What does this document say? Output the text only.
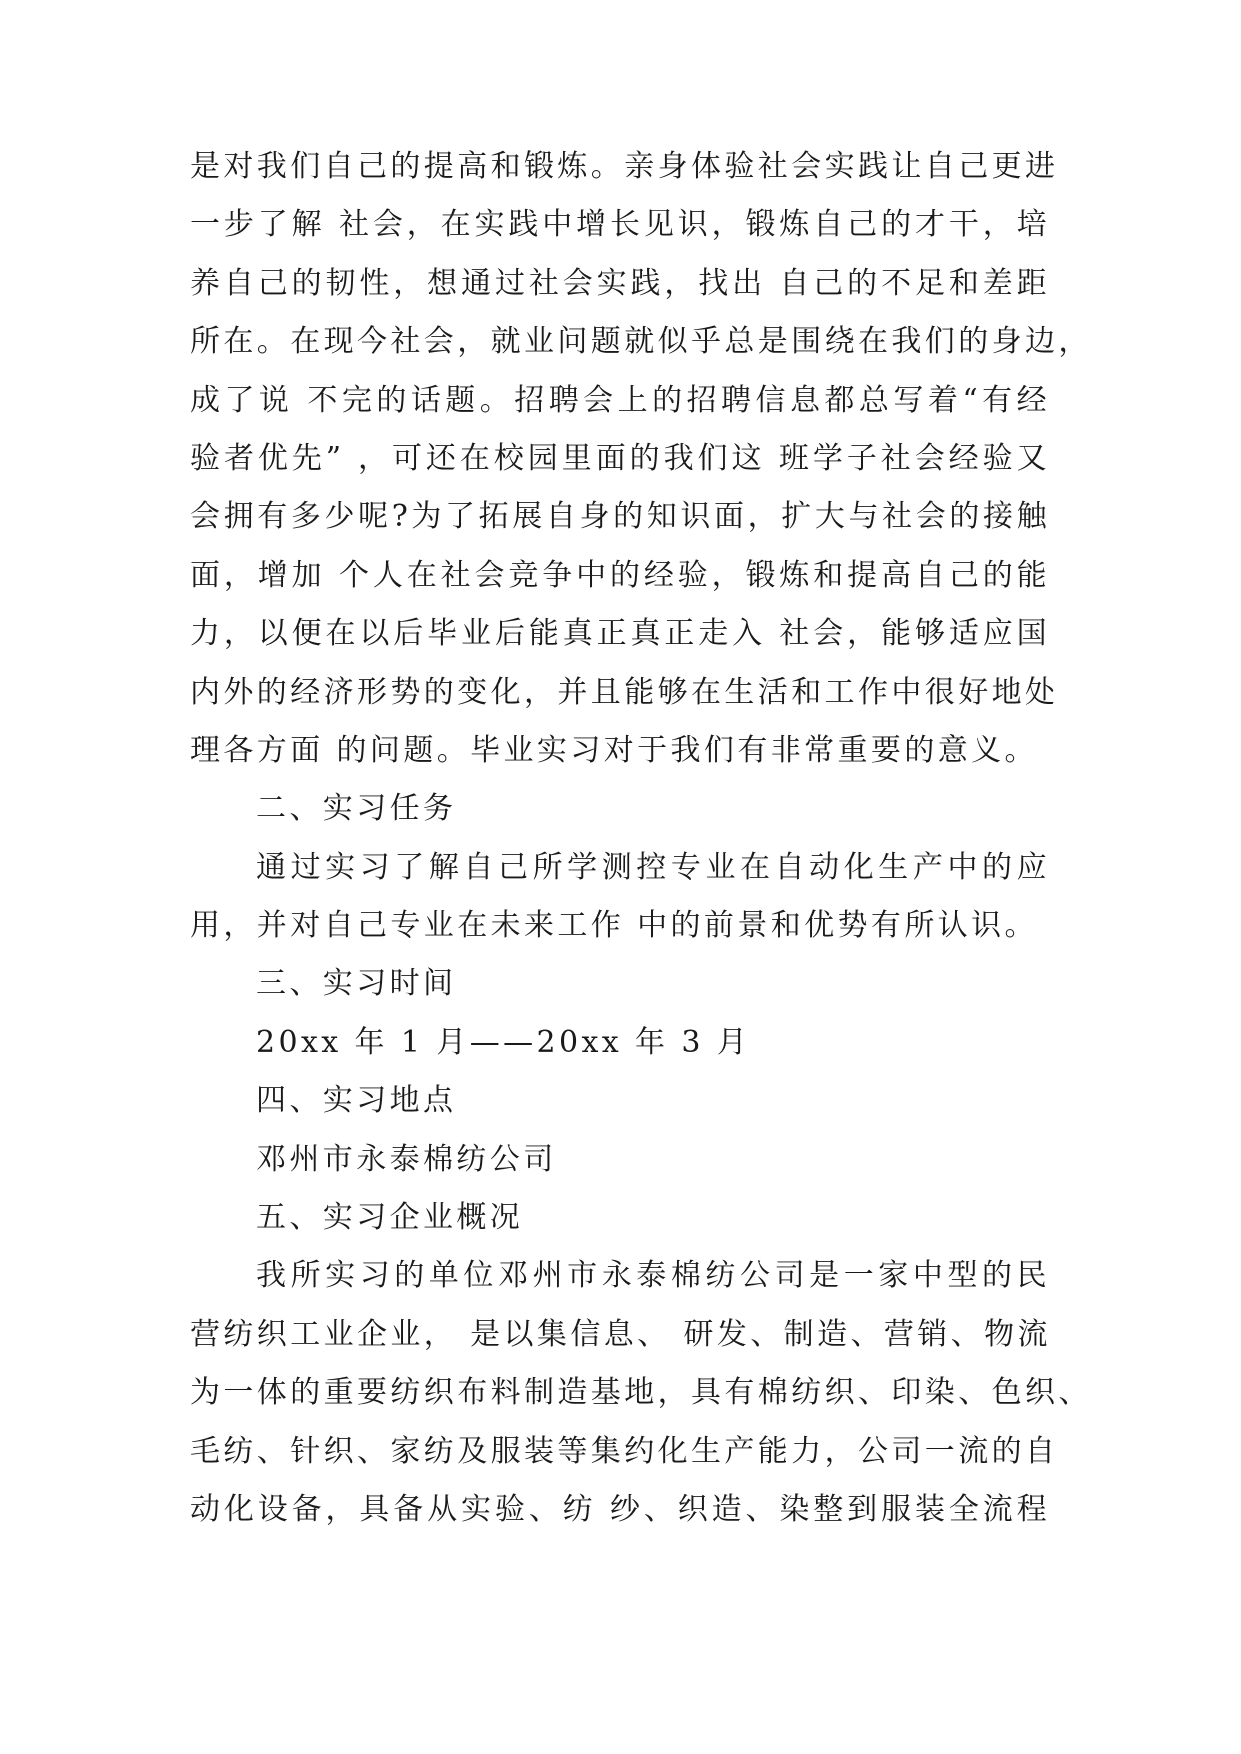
是对我们自己的提高和锻炼。亲身体验社会实践让自己更进
一步了解 社会，在实践中增长见识，锻炼自己的才干，培
养自己的韧性，想通过社会实践，找出 自己的不足和差距
所在。在现今社会，就业问题就似乎总是围绕在我们的身边，
成了说 不完的话题。招聘会上的招聘信息都总写着“有经
验者优先” ，可还在校园里面的我们这 班学子社会经验又
会拥有多少呢?为了拓展自身的知识面，扩大与社会的接触
面，增加 个人在社会竞争中的经验，锻炼和提高自己的能
力，以便在以后毕业后能真正真正走入 社会，能够适应国
内外的经济形势的变化，并且能够在生活和工作中很好地处
理各方面 的问题。毕业实习对于我们有非常重要的意义。
二、实习任务
通过实习了解自己所学测控专业在自动化生产中的应
用，并对自己专业在未来工作 中的前景和优势有所认识。
三、实习时间
20xx 年 1 月——20xx 年 3 月
四、实习地点
邓州市永泰棉纺公司
五、实习企业概况
我所实习的单位邓州市永泰棉纺公司是一家中型的民
营纺织工业企业， 是以集信息、 研发、制造、营销、物流
为一体的重要纺织布料制造基地，具有棉纺织、印染、色织、
毛纺、针织、家纺及服装等集约化生产能力，公司一流的自
动化设备，具备从实验、纺 纱、织造、染整到服装全流程
